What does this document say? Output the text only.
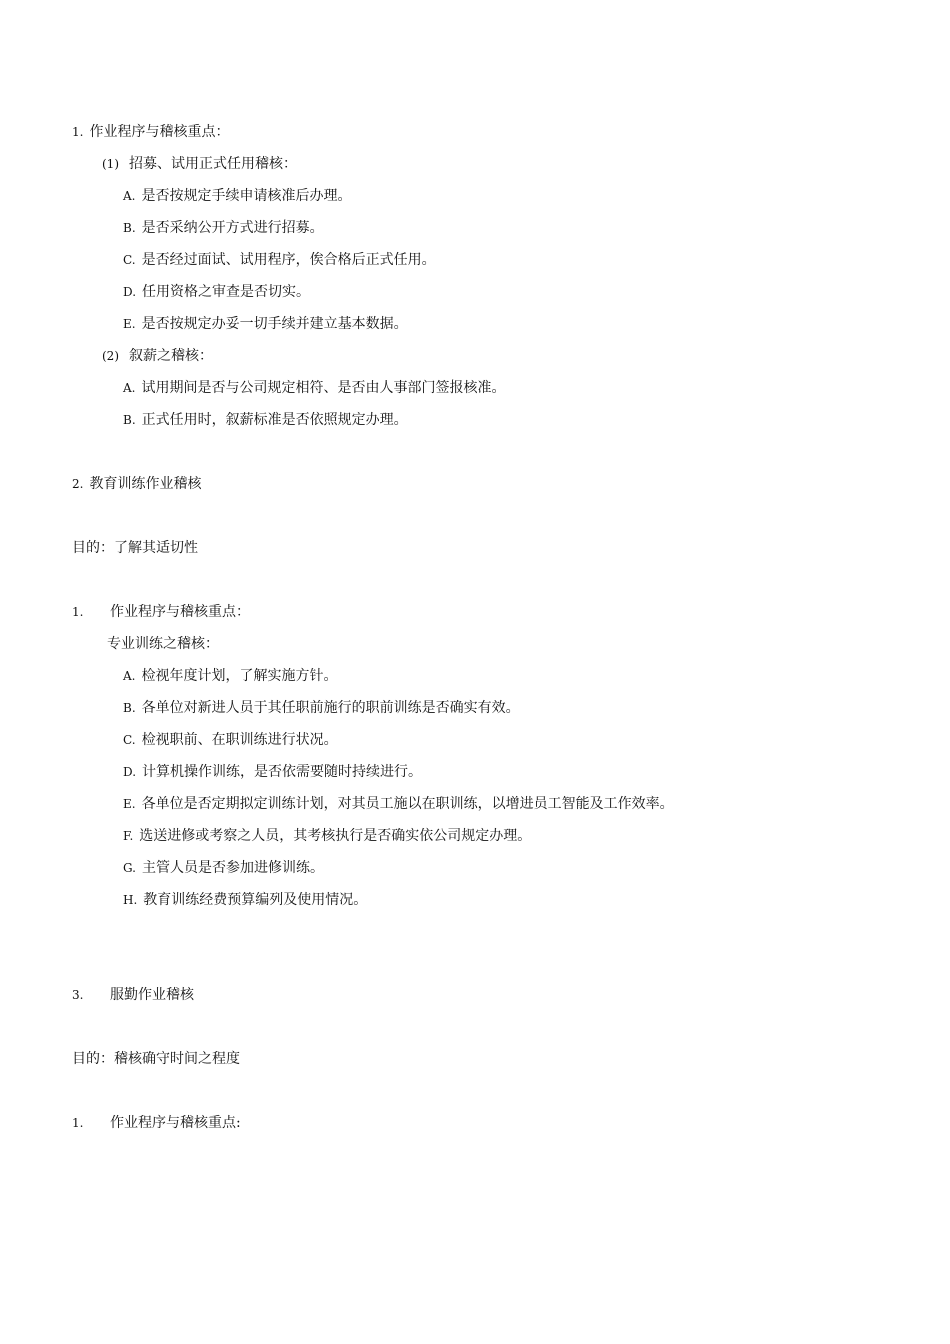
1. 作业程序与稽核重点：
(1) 招募、试用正式任用稽核：
A. 是否按规定手续申请核准后办理。
B. 是否采纳公开方式进行招募。
C. 是否经过面试、试用程序，俟合格后正式任用。
D. 任用资格之审查是否切实。
E. 是否按规定办妥一切手续并建立基本数据。
(2) 叙薪之稽核：
A. 试用期间是否与公司规定相符、是否由人事部门签报核准。
B. 正式任用时，叙薪标准是否依照规定办理。
2. 教育训练作业稽核
目的：了解其适切性
1. 作业程序与稽核重点：
专业训练之稽核：
A. 检视年度计划，了解实施方针。
B. 各单位对新进人员于其任职前施行的职前训练是否确实有效。
C. 检视职前、在职训练进行状况。
D. 计算机操作训练，是否依需要随时持续进行。
E. 各单位是否定期拟定训练计划，对其员工施以在职训练，以增进员工智能及工作效率。
F. 选送进修或考察之人员，其考核执行是否确实依公司规定办理。
G. 主管人员是否参加进修训练。
H. 教育训练经费预算编列及使用情况。
3. 服勤作业稽核
目的：稽核确守时间之程度
1. 作业程序与稽核重点:
